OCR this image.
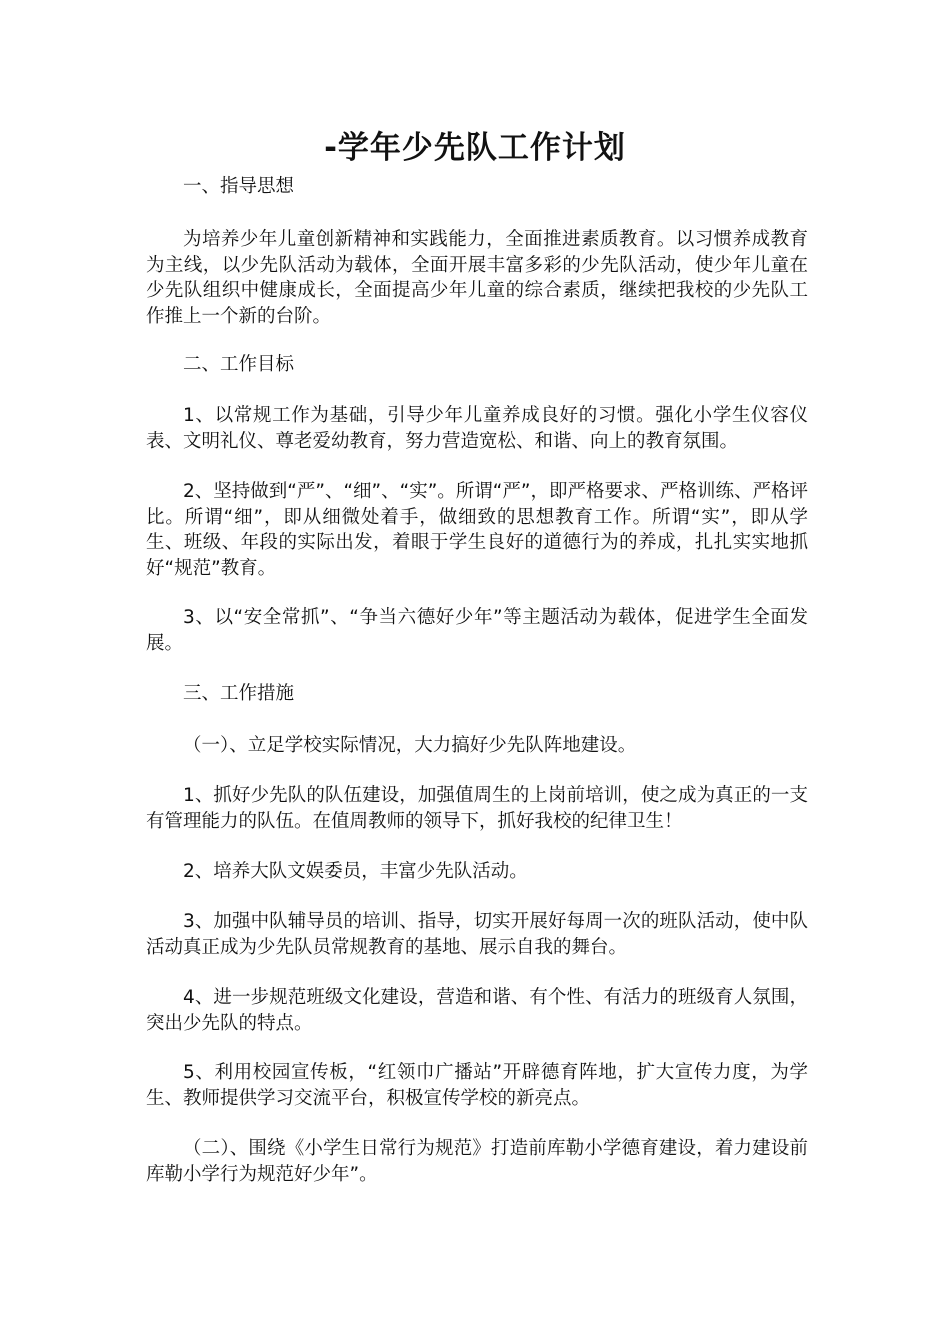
-学年少先队工作计划

一、指导思想

为培养少年儿童创新精神和实践能力，全面推进素质教育。以习惯养成教育为主线，以少先队活动为载体，全面开展丰富多彩的少先队活动，使少年儿童在少先队组织中健康成长，全面提高少年儿童的综合素质，继续把我校的少先队工作推上一个新的台阶。

二、工作目标

1、以常规工作为基础，引导少年儿童养成良好的习惯。强化小学生仪容仪表、文明礼仪、尊老爱幼教育，努力营造宽松、和谐、向上的教育氛围。

2、坚持做到“严”、“细”、“实”。所谓“严”，即严格要求、严格训练、严格评比。所谓“细”，即从细微处着手，做细致的思想教育工作。所谓“实”，即从学生、班级、年段的实际出发，着眼于学生良好的道德行为的养成，扎扎实实地抓好“规范”教育。

3、以“安全常抓”、“争当六德好少年”等主题活动为载体，促进学生全面发展。

三、工作措施

（一）、立足学校实际情况，大力搞好少先队阵地建设。

1、抓好少先队的队伍建设，加强值周生的上岗前培训，使之成为真正的一支有管理能力的队伍。在值周教师的领导下，抓好我校的纪律卫生！

2、培养大队文娱委员，丰富少先队活动。

3、加强中队辅导员的培训、指导，切实开展好每周一次的班队活动，使中队活动真正成为少先队员常规教育的基地、展示自我的舞台。

4、进一步规范班级文化建设，营造和谐、有个性、有活力的班级育人氛围，突出少先队的特点。

5、利用校园宣传板，“红领巾广播站”开辟德育阵地，扩大宣传力度，为学生、教师提供学习交流平台，积极宣传学校的新亮点。

（二）、围绕《小学生日常行为规范》打造前库勒小学德育建设，着力建设前库勒小学行为规范好少年”。
